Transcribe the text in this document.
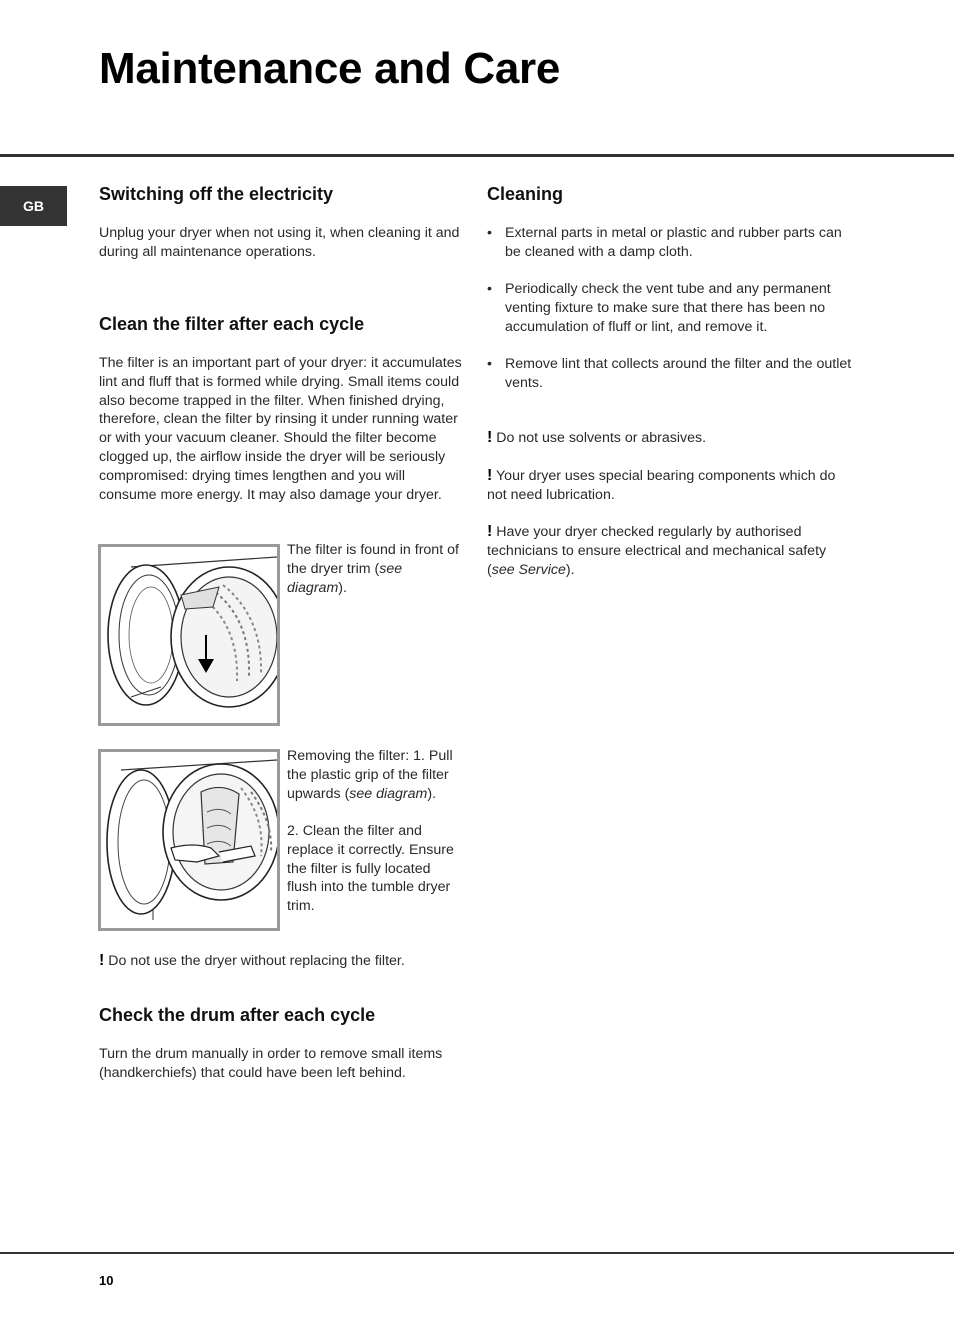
Maintenance and Care
GB
Switching off the electricity

Unplug your dryer when not using it, when cleaning it and during all maintenance operations.

Clean the filter after each cycle

The filter is an important part of your dryer: it accumulates lint and fluff that is formed while drying. Small items could also become trapped in the filter. When finished drying, therefore, clean the filter by rinsing it under running water or with your vacuum cleaner. Should the filter become clogged up, the airflow inside the dryer will be seriously compromised: drying times lengthen and you will consume more energy. It may also damage your dryer.

The filter is found in front of the dryer trim (see diagram).

Removing the filter: 1. Pull the plastic grip of the filter upwards (see diagram).

2. Clean the filter and replace it correctly. Ensure the filter is fully located flush into the tumble dryer trim.

! Do not use the dryer without replacing the filter.

Check the drum after each cycle

Turn the drum manually in order to remove small items (handkerchiefs) that could have been left behind.

Cleaning
• External parts in metal or plastic and rubber parts can be cleaned with a damp cloth.
• Periodically check the vent tube and any permanent venting fixture to make sure that there has been no accumulation of fluff or lint, and remove it.
• Remove lint that collects around the filter and the outlet vents.

! Do not use solvents or abrasives.

! Your dryer uses special bearing components which do not need lubrication.

! Have your dryer checked regularly by authorised technicians to ensure electrical and mechanical safety (see Service).

10
